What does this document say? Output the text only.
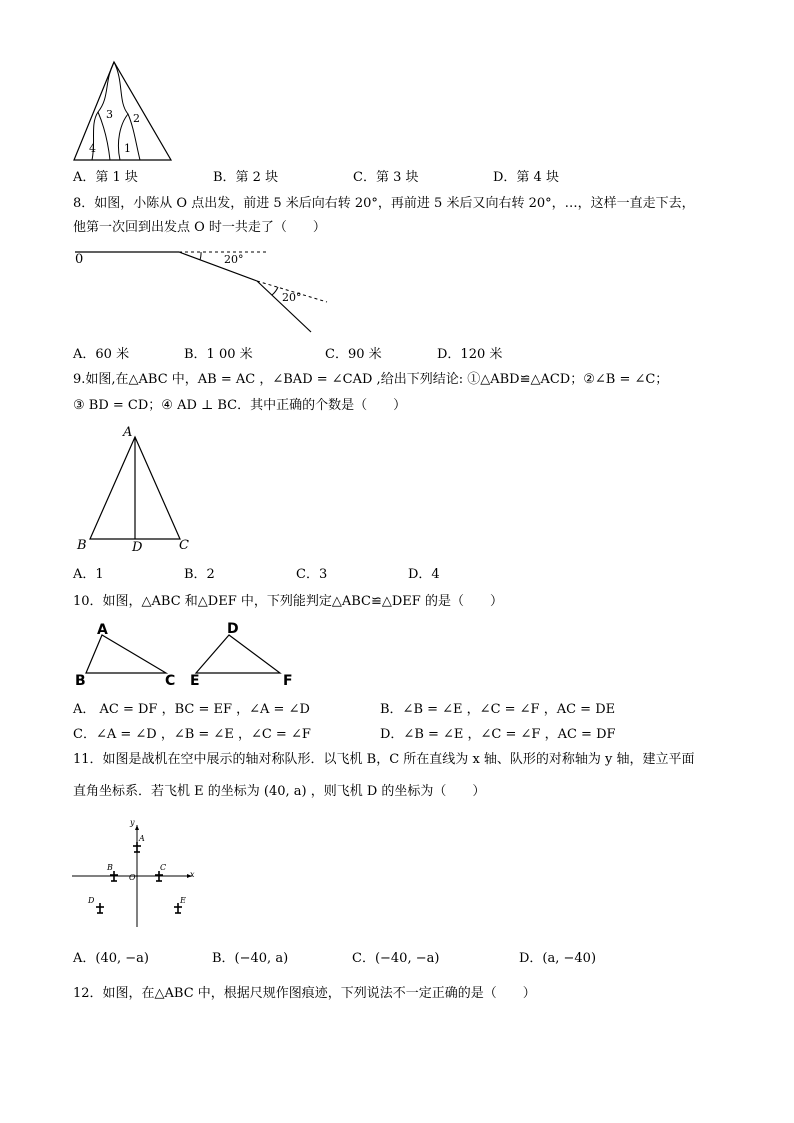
3 2
4	1
A．第 1 块	B．第 2 块	C．第 3 块	D．第 4 块
8．如图，小陈从 O 点出发，前进 5 米后向右转 20°，再前进 5 米后又向右转 20°，…，这样一直走下去，
他第一次回到出发点 O 时一共走了（　　）
0	20°
20°
A．60 米	B．1 00 米	C．90 米	D．120 米
9.如图,在△ABC 中，AB = AC ，∠BAD = ∠CAD ,给出下列结论: ①△ABD≌△ACD；②∠B = ∠C；
③ BD = CD；④ AD ⊥ BC．其中正确的个数是（　　）
A
B	D	C
A．1	B．2	C．3	D．4
10．如图，△ABC 和△DEF 中，下列能判定△ABC≌△DEF 的是（　　）
A
B	C
D
E	F
A． AC = DF ，BC = EF ，∠A = ∠D	B．∠B = ∠E ，∠C = ∠F ，AC = DE
C．∠A = ∠D ，∠B = ∠E ，∠C = ∠F	D．∠B = ∠E ，∠C = ∠F ，AC = DF
11．如图是战机在空中展示的轴对称队形．以飞机 B，C 所在直线为 x 轴、队形的对称轴为 y 轴，建立平面
直角坐标系．若飞机 E 的坐标为 (40, a) ，则飞机 D 的坐标为（　　）
y
x
O
A
B	C
D	E
A．(40, −a)	B．(−40, a)	C．(−40, −a)	D．(a, −40)
12．如图，在△ABC 中，根据尺规作图痕迹，下列说法不一定正确的是（　　）
